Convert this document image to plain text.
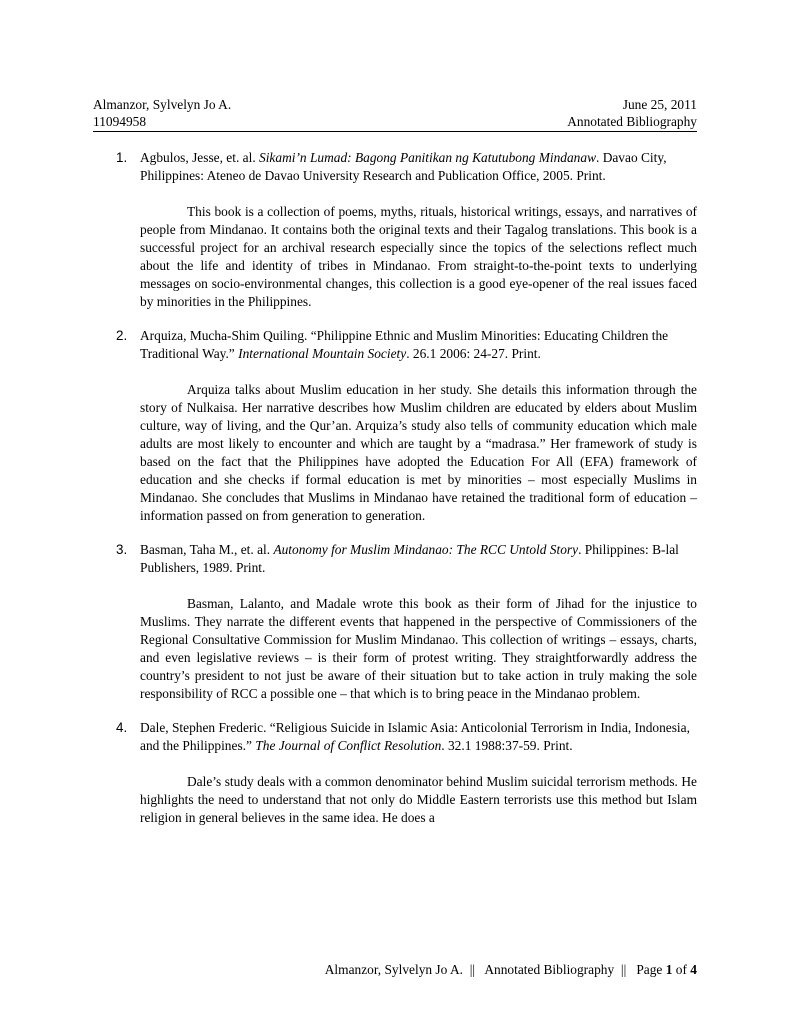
Almanzor, Sylvelyn Jo A.	June 25, 2011
11094958	Annotated Bibliography
1. Agbulos, Jesse, et. al. Sikami’n Lumad: Bagong Panitikan ng Katutubong Mindanaw. Davao City, Philippines: Ateneo de Davao University Research and Publication Office, 2005. Print.

This book is a collection of poems, myths, rituals, historical writings, essays, and narratives of people from Mindanao. It contains both the original texts and their Tagalog translations. This book is a successful project for an archival research especially since the topics of the selections reflect much about the life and identity of tribes in Mindanao. From straight-to-the-point texts to underlying messages on socio-environmental changes, this collection is a good eye-opener of the real issues faced by minorities in the Philippines.

2. Arquiza, Mucha-Shim Quiling. “Philippine Ethnic and Muslim Minorities: Educating Children the Traditional Way.” International Mountain Society. 26.1 2006: 24-27. Print.

Arquiza talks about Muslim education in her study. She details this information through the story of Nulkaisa. Her narrative describes how Muslim children are educated by elders about Muslim culture, way of living, and the Qur’an. Arquiza’s study also tells of community education which male adults are most likely to encounter and which are taught by a “madrasa.” Her framework of study is based on the fact that the Philippines have adopted the Education For All (EFA) framework of education and she checks if formal education is met by minorities – most especially Muslims in Mindanao. She concludes that Muslims in Mindanao have retained the traditional form of education – information passed on from generation to generation.

3. Basman, Taha M., et. al. Autonomy for Muslim Mindanao: The RCC Untold Story. Philippines: B-lal Publishers, 1989. Print.

Basman, Lalanto, and Madale wrote this book as their form of Jihad for the injustice to Muslims. They narrate the different events that happened in the perspective of Commissioners of the Regional Consultative Commission for Muslim Mindanao. This collection of writings – essays, charts, and even legislative reviews – is their form of protest writing. They straightforwardly address the country’s president to not just be aware of their situation but to take action in truly making the sole responsibility of RCC a possible one – that which is to bring peace in the Mindanao problem.

4. Dale, Stephen Frederic. “Religious Suicide in Islamic Asia: Anticolonial Terrorism in India, Indonesia, and the Philippines.” The Journal of Conflict Resolution. 32.1 1988:37-59. Print.

Dale’s study deals with a common denominator behind Muslim suicidal terrorism methods. He highlights the need to understand that not only do Middle Eastern terrorists use this method but Islam religion in general believes in the same idea. He does a

Almanzor, Sylvelyn Jo A. || Annotated Bibliography || Page 1 of 4
